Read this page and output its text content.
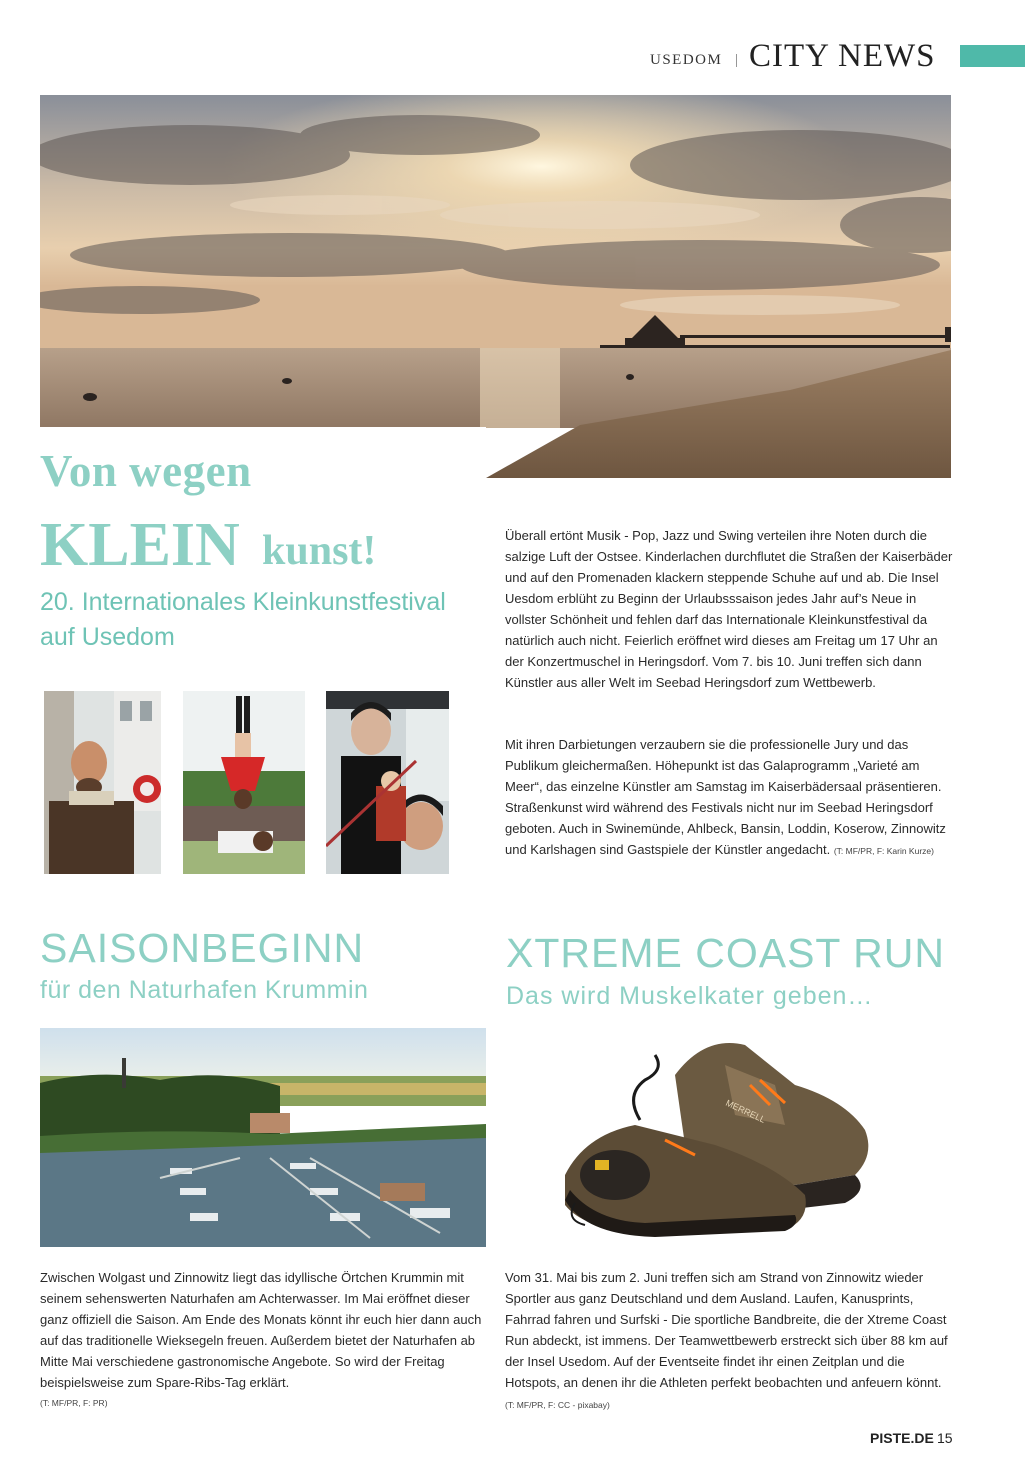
USEDOM | CITY NEWS
Von wegen
KLEIN kunst!
20. Internationales Kleinkunstfestival auf Usedom
Überall ertönt Musik - Pop, Jazz und Swing verteilen ihre Noten durch die salzige Luft der Ostsee. Kinderlachen durchflutet die Straßen der Kaiserbäder und auf den Promenaden klackern steppende Schuhe auf und ab. Die Insel Uesdom erblüht zu Beginn der Urlaubsssaison jedes Jahr auf’s Neue in vollster Schönheit und fehlen darf das Internationale Kleinkunstfestival da natürlich auch nicht. Feierlich eröffnet wird dieses am Freitag um 17 Uhr an der Konzertmuschel in Heringsdorf. Vom 7. bis 10. Juni treffen sich dann Künstler aus aller Welt im Seebad Heringsdorf zum Wettbewerb.
Mit ihren Darbietungen verzaubern sie die professionelle Jury und das Publikum gleichermaßen. Höhepunkt ist das Galaprogramm „Varieté am Meer“, das einzelne Künstler am Samstag im Kaiserbädersaal präsentieren. Straßenkunst wird während des Festivals nicht nur im Seebad Heringsdorf geboten. Auch in Swinemünde, Ahlbeck, Bansin, Loddin, Koserow, Zinnowitz und Karlshagen sind Gastspiele der Künstler angedacht. (T: MF/PR, F: Karin Kurze)
SAISONBEGINN
für den Naturhafen Krummin
Zwischen Wolgast und Zinnowitz liegt das idyllische Örtchen Krummin mit seinem sehenswerten Naturhafen am Achterwasser. Im Mai eröffnet dieser ganz offiziell die Saison. Am Ende des Monats könnt ihr euch hier dann auch auf das traditionelle Wieksegeln freuen. Außerdem bietet der Naturhafen ab Mitte Mai verschiedene gastronomische Angebote. So wird der Freitag beispielsweise zum Spare-Ribs-Tag erklärt.
(T: MF/PR, F: PR)
XTREME COAST RUN
Das wird Muskelkater geben…
MERRELL
Vom 31. Mai bis zum 2. Juni treffen sich am Strand von Zinnowitz wieder Sportler aus ganz Deutschland und dem Ausland. Laufen, Kanusprints, Fahrrad fahren und Surfski - Die sportliche Bandbreite, die der Xtreme Coast Run abdeckt, ist immens. Der Teamwettbewerb erstreckt sich über 88 km auf der Insel Usedom. Auf der Eventseite findet ihr einen Zeitplan und die Hotspots, an denen ihr die Athleten perfekt beobachten und anfeuern könnt. (T: MF/PR, F: CC - pixabay)
PISTE.DE 15
